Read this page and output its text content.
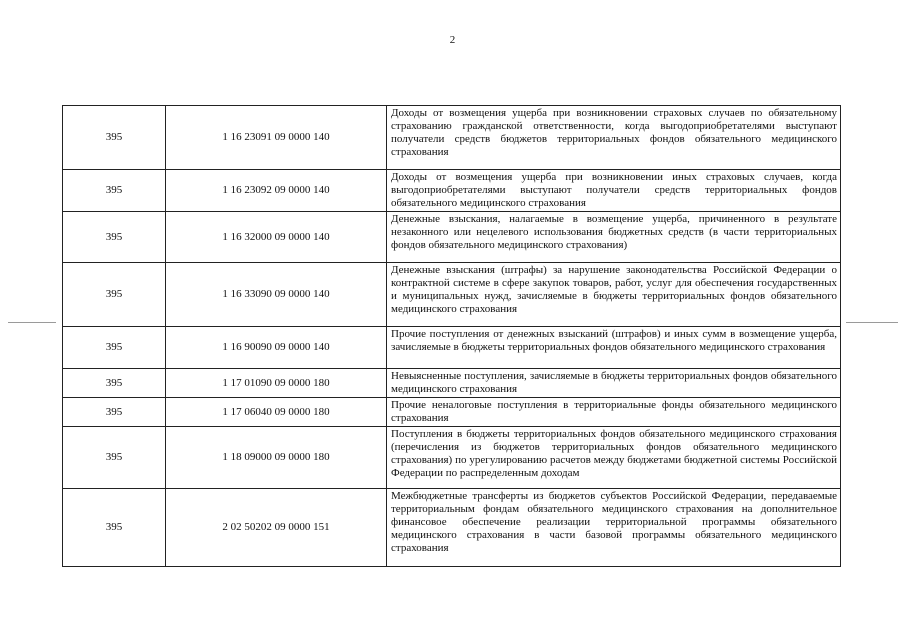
2
395	1 16 23091 09 0000 140	Доходы от возмещения ущерба при возникновении страховых случаев по обязательному страхованию гражданской ответственности, когда выгодоприобретателями выступают получатели средств бюджетов территориальных фондов обязательного медицинского страхования
395	1 16 23092 09 0000 140	Доходы от возмещения ущерба при возникновении иных страховых случаев, когда выгодоприобретателями выступают получатели средств территориальных фондов обязательного медицинского страхования
395	1 16 32000 09 0000 140	Денежные взыскания, налагаемые в возмещение ущерба, причиненного в результате незаконного или нецелевого использования бюджетных средств (в части территориальных фондов обязательного медицинского страхования)
395	1 16 33090 09 0000 140	Денежные взыскания (штрафы) за нарушение законодательства Российской Федерации о контрактной системе в сфере закупок товаров, работ, услуг для обеспечения государственных и муниципальных нужд, зачисляемые в бюджеты территориальных фондов обязательного медицинского страхования
395	1 16 90090 09 0000 140	Прочие поступления от денежных взысканий (штрафов) и иных сумм в возмещение ущерба, зачисляемые в бюджеты территориальных фондов обязательного медицинского страхования
395	1 17 01090 09 0000 180	Невыясненные поступления, зачисляемые в бюджеты территориальных фондов обязательного медицинского страхования
395	1 17 06040 09 0000 180	Прочие неналоговые поступления в территориальные фонды обязательного медицинского страхования
395	1 18 09000 09 0000 180	Поступления в бюджеты территориальных фондов обязательного медицинского страхования (перечисления из бюджетов территориальных фондов обязательного медицинского страхования) по урегулированию расчетов между бюджетами бюджетной системы Российской Федерации по распределенным доходам
395	2 02 50202 09 0000 151	Межбюджетные трансферты из бюджетов субъектов Российской Федерации, передаваемые территориальным фондам обязательного медицинского страхования на дополнительное финансовое обеспечение реализации территориальной программы обязательного медицинского страхования в части базовой программы обязательного медицинского страхования
